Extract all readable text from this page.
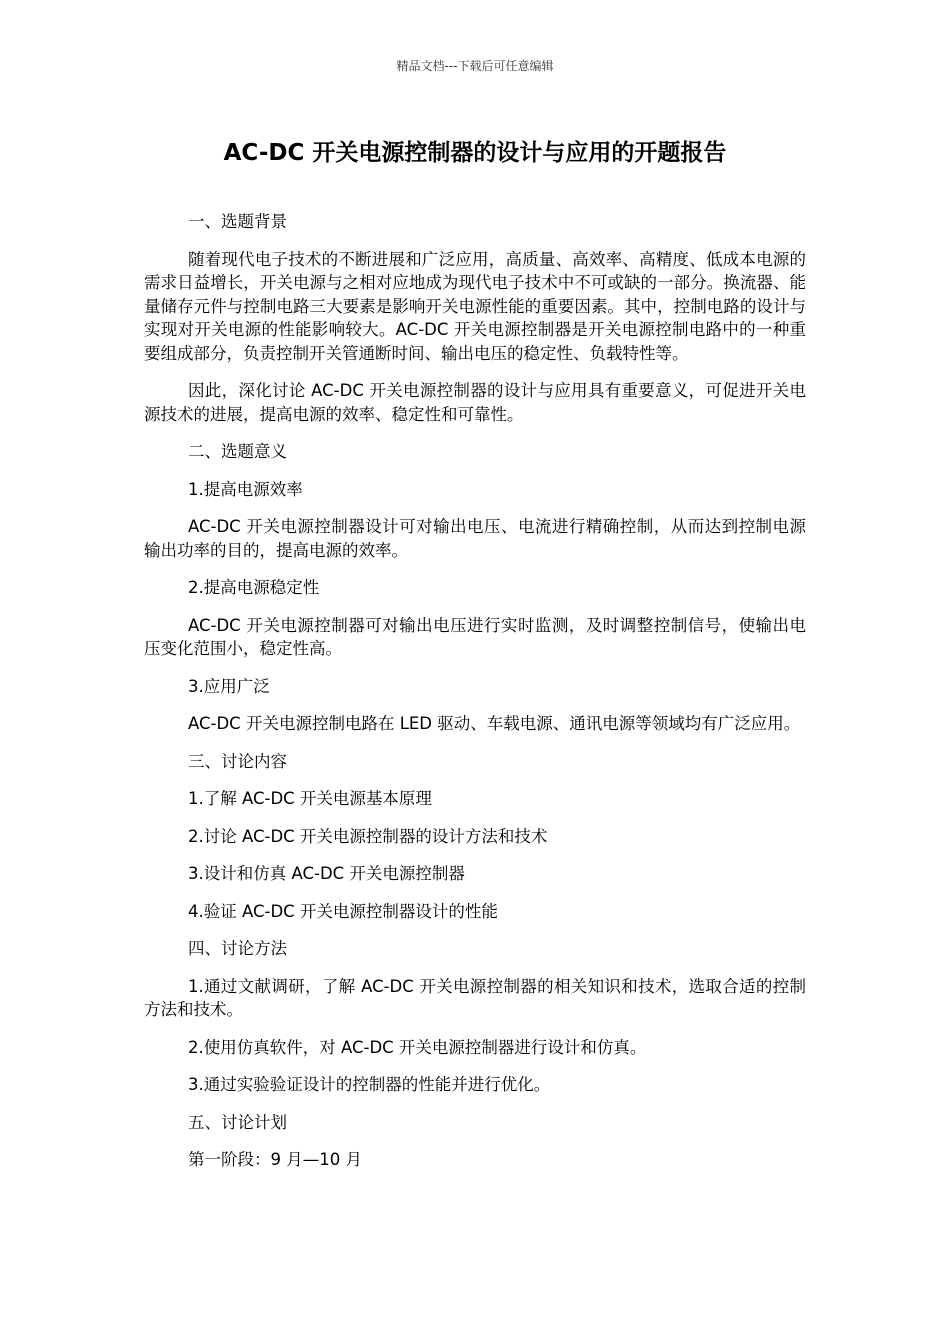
精品文档---下载后可任意编辑
AC-DC 开关电源控制器的设计与应用的开题报告

一、选题背景

随着现代电子技术的不断进展和广泛应用，高质量、高效率、高精度、低成本电源的需求日益增长，开关电源与之相对应地成为现代电子技术中不可或缺的一部分。换流器、能量储存元件与控制电路三大要素是影响开关电源性能的重要因素。其中，控制电路的设计与实现对开关电源的性能影响较大。AC-DC 开关电源控制器是开关电源控制电路中的一种重要组成部分，负责控制开关管通断时间、输出电压的稳定性、负载特性等。

因此，深化讨论 AC-DC 开关电源控制器的设计与应用具有重要意义，可促进开关电源技术的进展，提高电源的效率、稳定性和可靠性。

二、选题意义

1.提高电源效率

AC-DC 开关电源控制器设计可对输出电压、电流进行精确控制，从而达到控制电源输出功率的目的，提高电源的效率。

2.提高电源稳定性

AC-DC 开关电源控制器可对输出电压进行实时监测，及时调整控制信号，使输出电压变化范围小，稳定性高。

3.应用广泛

AC-DC 开关电源控制电路在 LED 驱动、车载电源、通讯电源等领域均有广泛应用。

三、讨论内容

1.了解 AC-DC 开关电源基本原理

2.讨论 AC-DC 开关电源控制器的设计方法和技术

3.设计和仿真 AC-DC 开关电源控制器

4.验证 AC-DC 开关电源控制器设计的性能

四、讨论方法

1.通过文献调研，了解 AC-DC 开关电源控制器的相关知识和技术，选取合适的控制方法和技术。

2.使用仿真软件，对 AC-DC 开关电源控制器进行设计和仿真。

3.通过实验验证设计的控制器的性能并进行优化。

五、讨论计划

第一阶段：9 月—10 月
